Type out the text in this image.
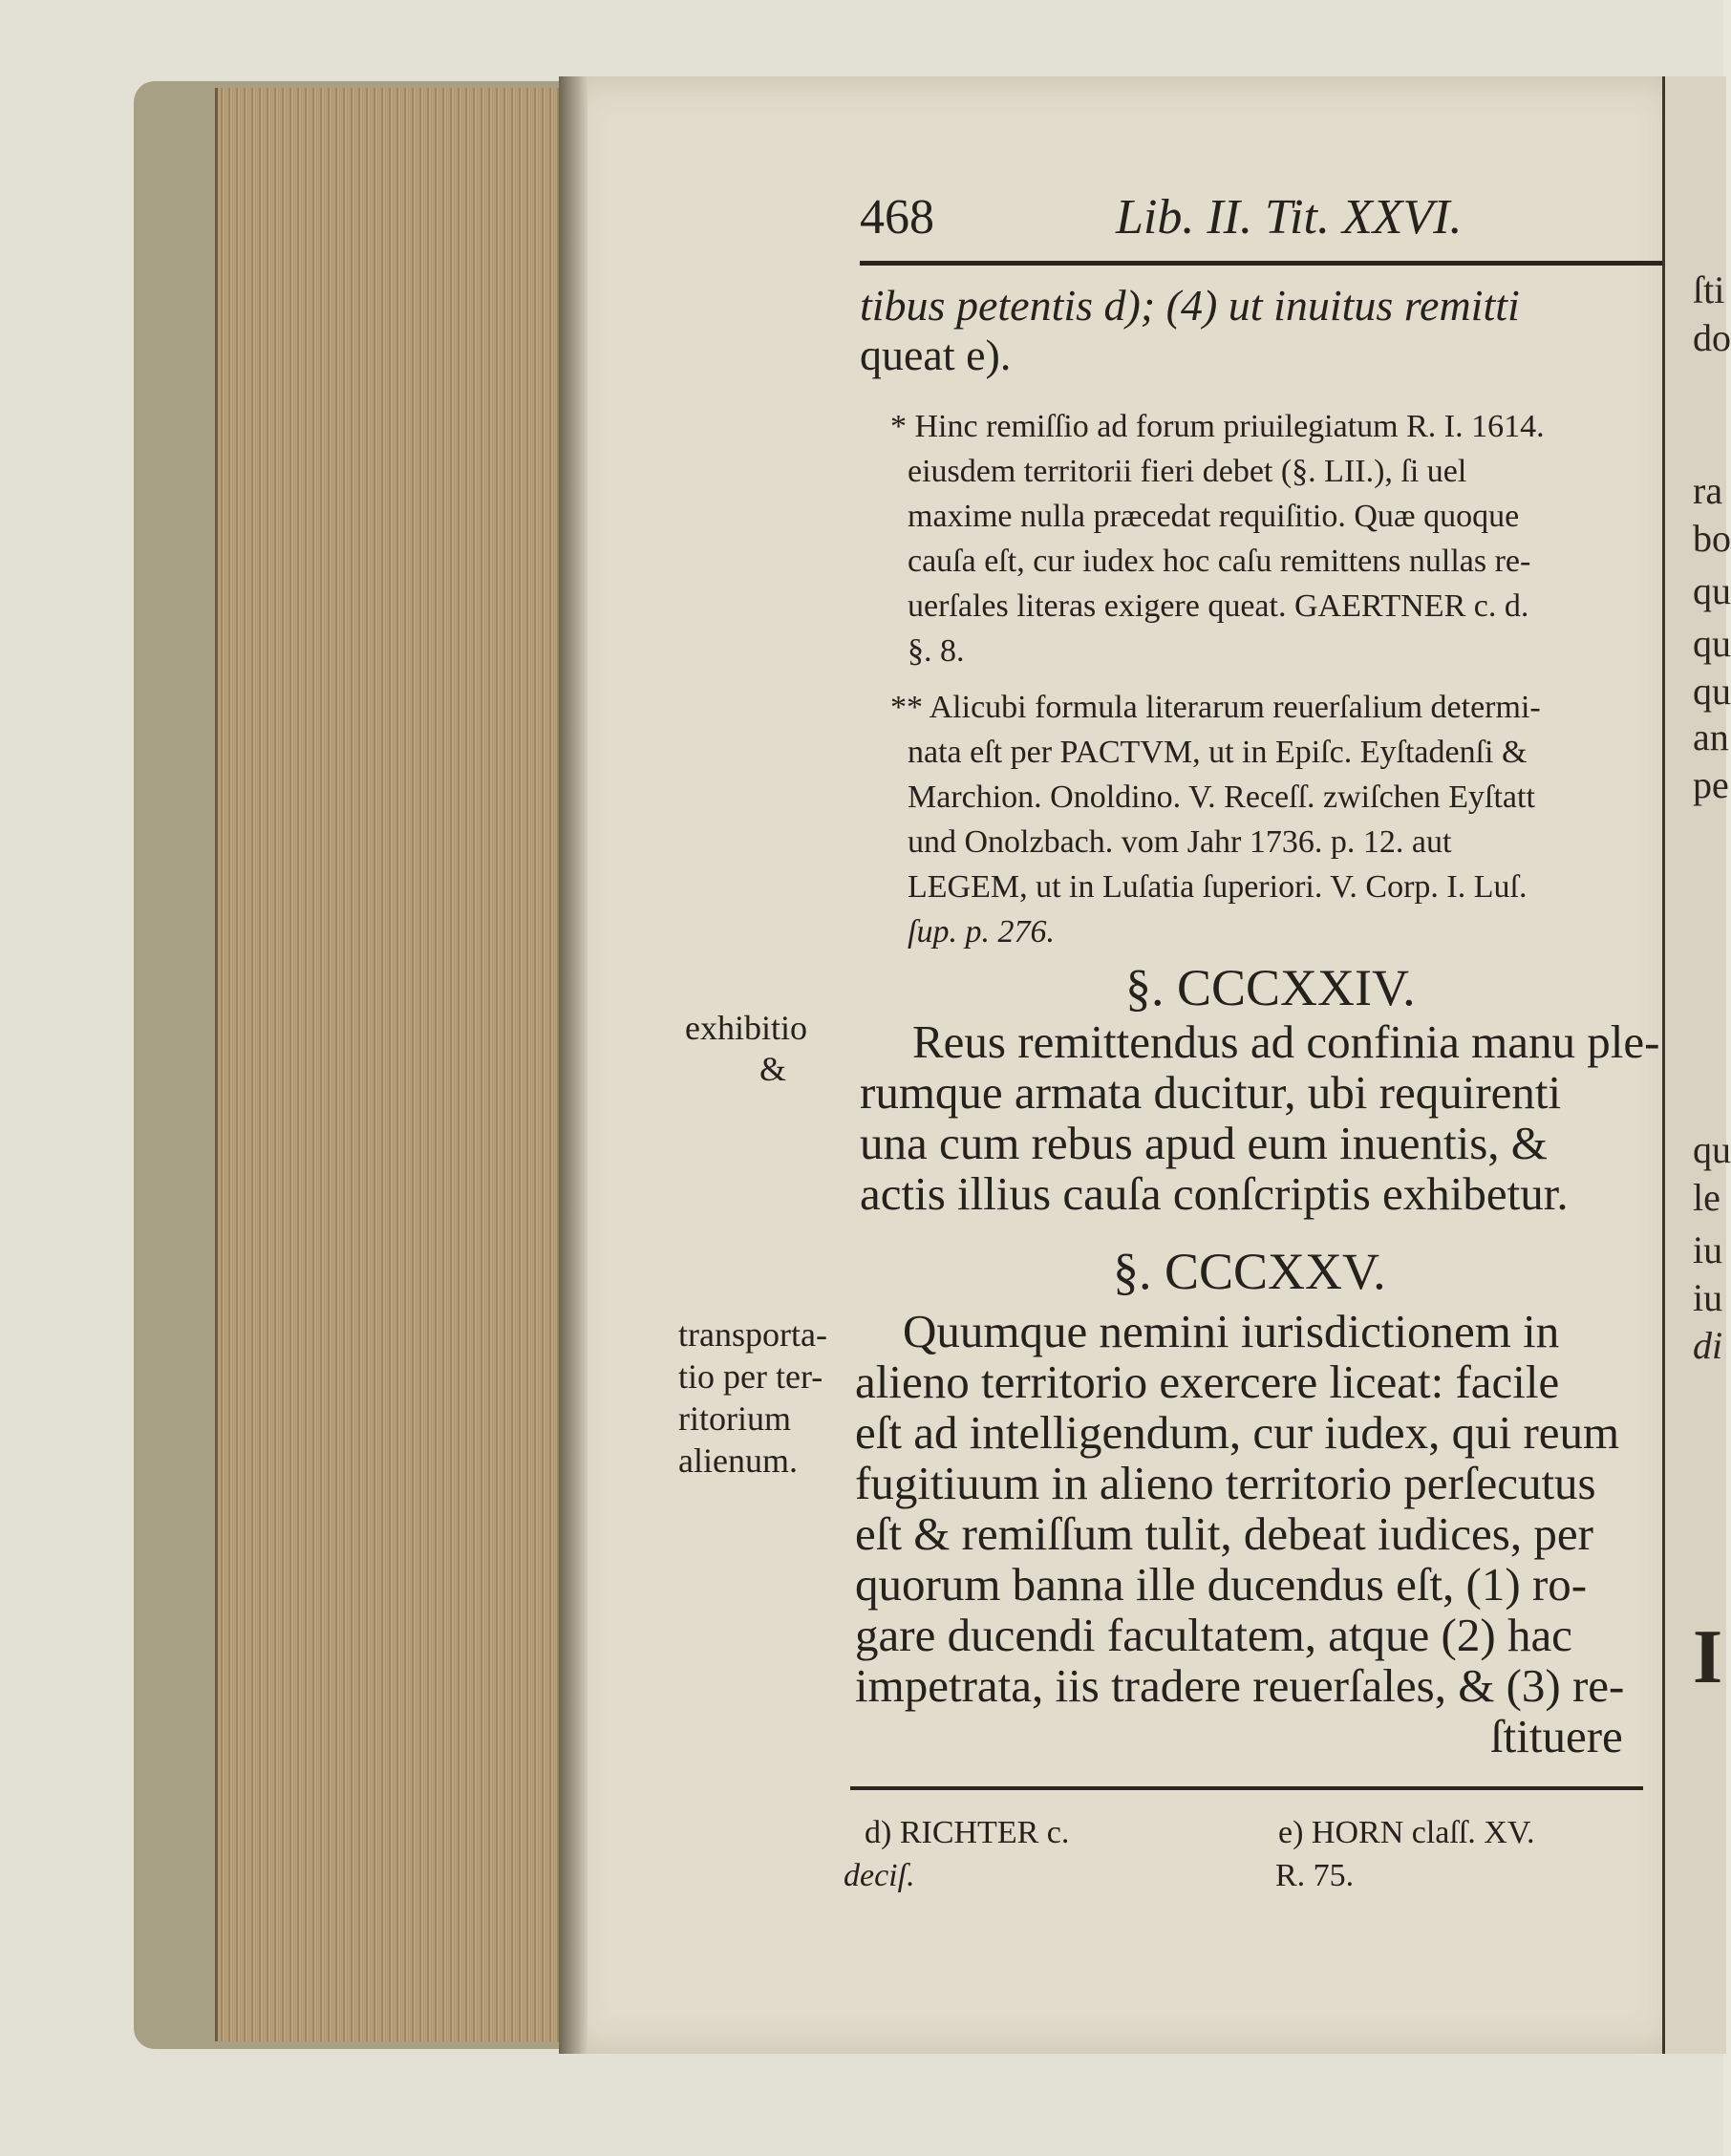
ſti
do
ra
bo
qu
qu
qu
an
pe
qu
le
iu
iu
di
I
468	Lib. II. Tit. XXVI.
tibus petentis d); (4) ut inuitus remitti
queat e).
* Hinc remiſſio ad forum priuilegiatum R. I. 1614.
eiusdem territorii fieri debet (§. LII.), ſi uel
maxime nulla præcedat requiſitio. Quæ quoque
cauſa eſt, cur iudex hoc caſu remittens nullas re-
uerſales literas exigere queat. GAERTNER c. d.
§. 8.
** Alicubi formula literarum reuerſalium determi-
nata eſt per PACTVM, ut in Epiſc. Eyſtadenſi &
Marchion. Onoldino. V. Receſſ. zwiſchen Eyſtatt
und Onolzbach. vom Jahr 1736. p. 12. aut
LEGEM, ut in Luſatia ſuperiori. V. Corp. I. Luſ.
ſup. p. 276.
§. CCCXXIV.
exhibitio
&
Reus remittendus ad confinia manu ple-
rumque armata ducitur, ubi requirenti
una cum rebus apud eum inuentis, &
actis illius cauſa conſcriptis exhibetur.
§. CCCXXV.
transporta-
tio per ter-
ritorium
alienum.
Quumque nemini iurisdictionem in
alieno territorio exercere liceat: facile
eſt ad intelligendum, cur iudex, qui reum
fugitiuum in alieno territorio perſecutus
eſt & remiſſum tulit, debeat iudices, per
quorum banna ille ducendus eſt, (1) ro-
gare ducendi facultatem, atque (2) hac
impetrata, iis tradere reuerſales, & (3) re-
ſtituere
d) RICHTER c.
deciſ.
e) HORN claſſ. XV.
R. 75.
